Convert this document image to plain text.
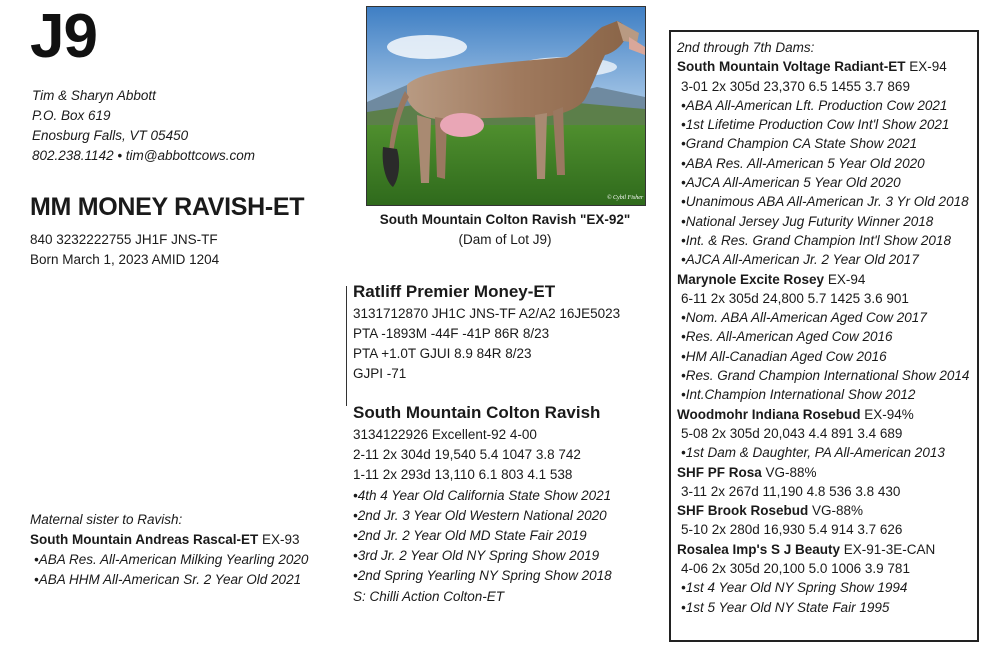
J9
Tim & Sharyn Abbott
P.O. Box 619
Enosburg Falls, VT 05450
802.238.1142 • tim@abbottcows.com
MM MONEY RAVISH-ET
840 3232222755 JH1F JNS-TF
Born March 1, 2023 AMID 1204
© Cybil Fisher
South Mountain Colton Ravish "EX-92"
(Dam of Lot J9)
Ratliff Premier Money-ET
3131712870 JH1C JNS-TF A2/A2 16JE5023
PTA -1893M -44F -41P 86R 8/23
PTA +1.0T GJUI 8.9 84R 8/23
GJPI -71
South Mountain Colton Ravish
3134122926 Excellent-92 4-00
2-11 2x 304d 19,540 5.4 1047 3.8 742
1-11 2x 293d 13,110 6.1 803 4.1 538
•4th 4 Year Old California State Show 2021
•2nd Jr. 3 Year Old Western National 2020
•2nd Jr. 2 Year Old MD State Fair 2019
•3rd Jr. 2 Year Old NY Spring Show 2019
•2nd Spring Yearling NY Spring Show 2018
S: Chilli Action Colton-ET
Maternal sister to Ravish:
South Mountain Andreas Rascal-ET EX-93
•ABA Res. All-American Milking Yearling 2020
•ABA HHM All-American Sr. 2 Year Old 2021
2nd through 7th Dams:
South Mountain Voltage Radiant-ET EX-94
3-01 2x 305d 23,370 6.5 1455 3.7 869
•ABA All-American Lft. Production Cow 2021
•1st Lifetime Production Cow Int'l Show 2021
•Grand Champion CA State Show 2021
•ABA Res. All-American 5 Year Old 2020
•AJCA All-American 5 Year Old 2020
•Unanimous ABA All-American Jr. 3 Yr Old 2018
•National Jersey Jug Futurity Winner 2018
•Int. & Res. Grand Champion Int'l Show 2018
•AJCA All-American Jr. 2 Year Old 2017
Marynole Excite Rosey EX-94
6-11 2x 305d 24,800 5.7 1425 3.6 901
•Nom. ABA All-American Aged Cow 2017
•Res. All-American Aged Cow 2016
•HM All-Canadian Aged Cow 2016
•Res. Grand Champion International Show 2014
•Int.Champion International Show 2012
Woodmohr Indiana Rosebud EX-94%
5-08 2x 305d 20,043 4.4 891 3.4 689
•1st Dam & Daughter, PA All-American 2013
SHF PF Rosa VG-88%
3-11 2x 267d 11,190 4.8 536 3.8 430
SHF Brook Rosebud VG-88%
5-10 2x 280d 16,930 5.4 914 3.7 626
Rosalea Imp's S J Beauty EX-91-3E-CAN
4-06 2x 305d 20,100 5.0 1006 3.9 781
•1st 4 Year Old NY Spring Show 1994
•1st 5 Year Old NY State Fair 1995
